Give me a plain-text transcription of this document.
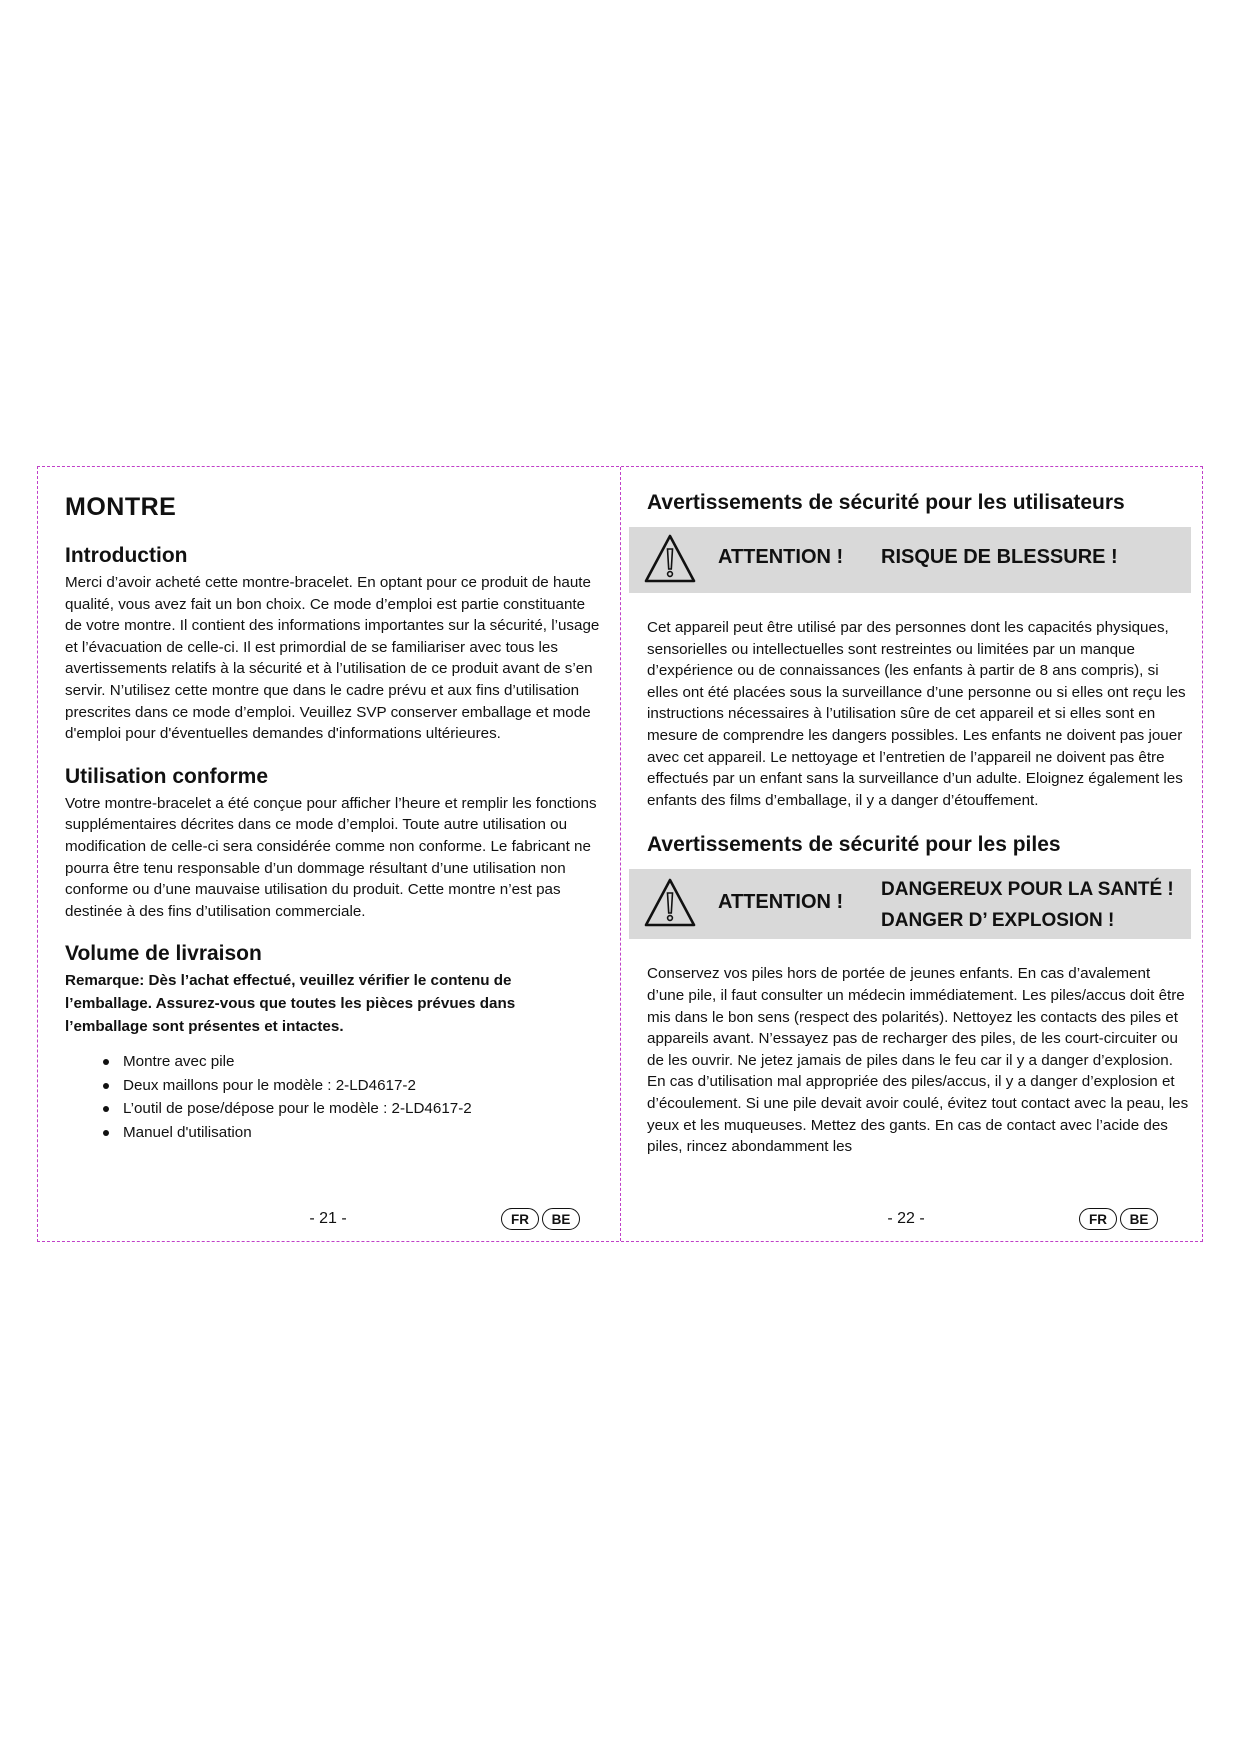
MONTRE
Introduction

Merci d’avoir acheté cette montre-bracelet. En optant pour ce produit de haute qualité, vous avez fait un bon choix. Ce mode d’emploi est partie constituante de votre montre. Il contient des informations importantes sur la sécurité, l’usage et l’évacuation de celle-ci. Il est primordial de se familiariser avec tous les avertissements relatifs à la sécurité et à l’utilisation de ce produit avant de s’en servir. N’utilisez cette montre que dans le cadre prévu et aux fins d’utilisation prescrites dans ce mode d’emploi. Veuillez SVP conserver emballage et mode d'emploi pour d'éventuelles demandes d'informations ultérieures.

Utilisation conforme

Votre montre-bracelet a été conçue pour afficher l’heure et remplir les fonctions supplémentaires décrites dans ce mode d’emploi. Toute autre utilisation ou modification de celle-ci sera considérée comme non conforme. Le fabricant ne pourra être tenu responsable d’un dommage résultant d’une utilisation non conforme ou d’une mauvaise utilisation du produit. Cette montre n’est pas destinée à des fins d’utilisation commerciale.

Volume de livraison

Remarque: Dès l’achat effectué, veuillez vérifier le contenu de l’emballage. Assurez-vous que toutes les pièces prévues dans l’emballage sont présentes et intactes.

Montre avec pile
Deux maillons pour le modèle : 2-LD4617-2
L’outil de pose/dépose pour le modèle : 2-LD4617-2
Manuel d'utilisation
- 21 -	FR	BE
Avertissements de sécurité pour les utilisateurs
ATTENTION ! RISQUE DE BLESSURE !

Cet appareil peut être utilisé par des personnes dont les capacités physiques, sensorielles ou intellectuelles sont restreintes ou limitées par un manque d’expérience ou de connaissances (les enfants à partir de 8 ans compris), si elles ont été placées sous la surveillance d’une personne ou si elles ont reçu les instructions nécessaires à l’utilisation sûre de cet appareil et si elles sont en mesure de comprendre les dangers possibles. Les enfants ne doivent pas jouer avec cet appareil. Le nettoyage et l’entretien de l’appareil ne doivent pas être effectués par un enfant sans la surveillance d’un adulte. Eloignez également les enfants des films d’emballage, il y a danger d’étouffement.

Avertissements de sécurité pour les piles
ATTENTION !
DANGEREUX POUR LA SANTÉ !
DANGER D’ EXPLOSION !

Conservez vos piles hors de portée de jeunes enfants. En cas d’avalement d’une pile, il faut consulter un médecin immédiatement. Les piles/accus doit être mis dans le bon sens (respect des polarités). Nettoyez les contacts des piles et appareils avant. N’essayez pas de recharger des piles, de les court-circuiter ou de les ouvrir. Ne jetez jamais de piles dans le feu car il y a danger d’explosion. En cas d’utilisation mal appropriée des piles/accus, il y a danger d’explosion et d’écoulement. Si une pile devait avoir coulé, évitez tout contact avec la peau, les yeux et les muqueuses. Mettez des gants. En cas de contact avec l’acide des piles, rincez abondamment les

- 22 -	FR	BE
